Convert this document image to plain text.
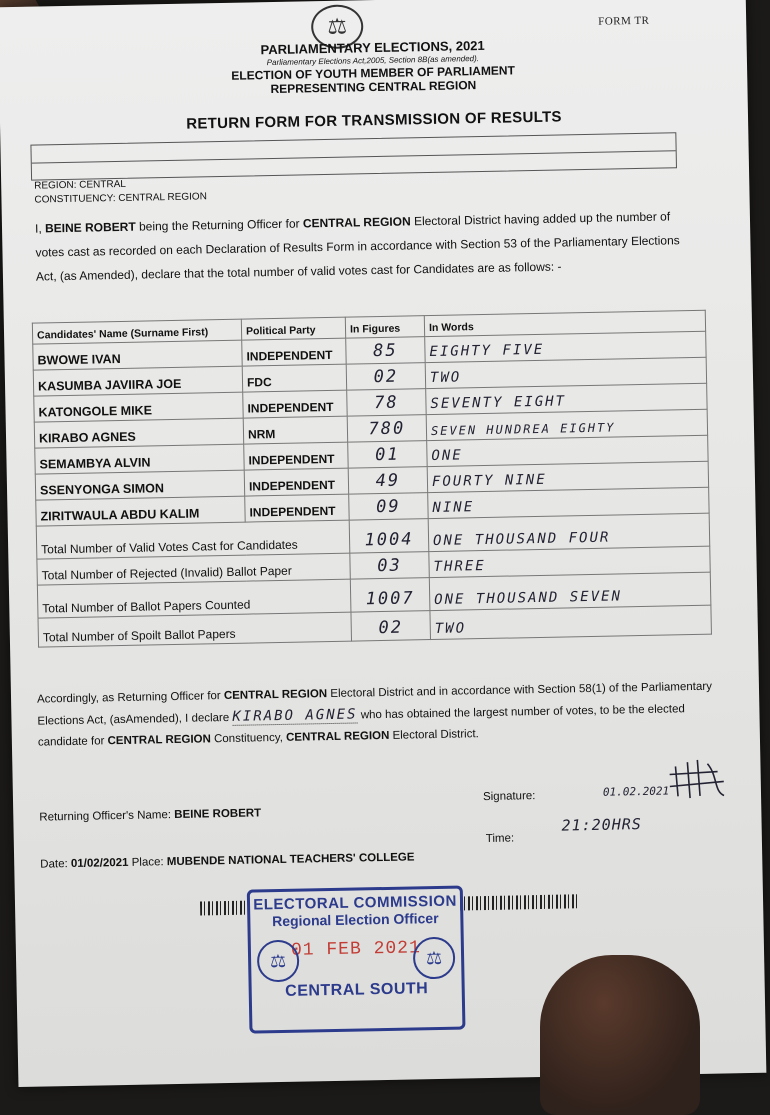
⚖	FORM TR
PARLIAMENTARY ELECTIONS, 2021
Parliamentary Elections Act,2005, Section 8B(as amended).
ELECTION OF YOUTH MEMBER OF PARLIAMENT
REPRESENTING CENTRAL REGION
RETURN FORM FOR TRANSMISSION OF RESULTS
REGION: CENTRAL
CONSTITUENCY: CENTRAL REGION
I, BEINE ROBERT being the Returning Officer for CENTRAL REGION Electoral District having added up the number of votes cast as recorded on each Declaration of Results Form in accordance with Section 53 of the Parliamentary Elections Act, (as Amended), declare that the total number of valid votes cast for Candidates are as follows: -
Candidates' Name (Surname First)	Political Party	In Figures	In Words
BWOWE IVAN	INDEPENDENT	85	EIGHTY FIVE
KASUMBA JAVIIRA JOE	FDC	02	TWO
KATONGOLE MIKE	INDEPENDENT	78	SEVENTY EIGHT
KIRABO AGNES	NRM	780	SEVEN HUNDREA EIGHTY
SEMAMBYA ALVIN	INDEPENDENT	01	ONE
SSENYONGA SIMON	INDEPENDENT	49	FOURTY NINE
ZIRITWAULA ABDU KALIM	INDEPENDENT	09	NINE
Total Number of Valid Votes Cast for Candidates		1004	ONE THOUSAND FOUR
Total Number of Rejected (Invalid) Ballot Paper		03	THREE
Total Number of Ballot Papers Counted		1007	ONE THOUSAND SEVEN
Total Number of Spoilt Ballot Papers		02	TWO
Accordingly, as Returning Officer for CENTRAL REGION Electoral District and in accordance with Section 58(1) of the Parliamentary Elections Act, (asAmended), I declare KIRABO AGNES who has obtained the largest number of votes, to be the elected candidate for CENTRAL REGION Constituency, CENTRAL REGION Electoral District.
Returning Officer's Name: BEINE ROBERT
Signature:	01.02.2021
Date: 01/02/2021 Place: MUBENDE NATIONAL TEACHERS' COLLEGE
Time:
21:20HRS
ELECTORAL COMMISSION
Regional Election Officer
⚖ 01 FEB 2021 ⚖
CENTRAL SOUTH
